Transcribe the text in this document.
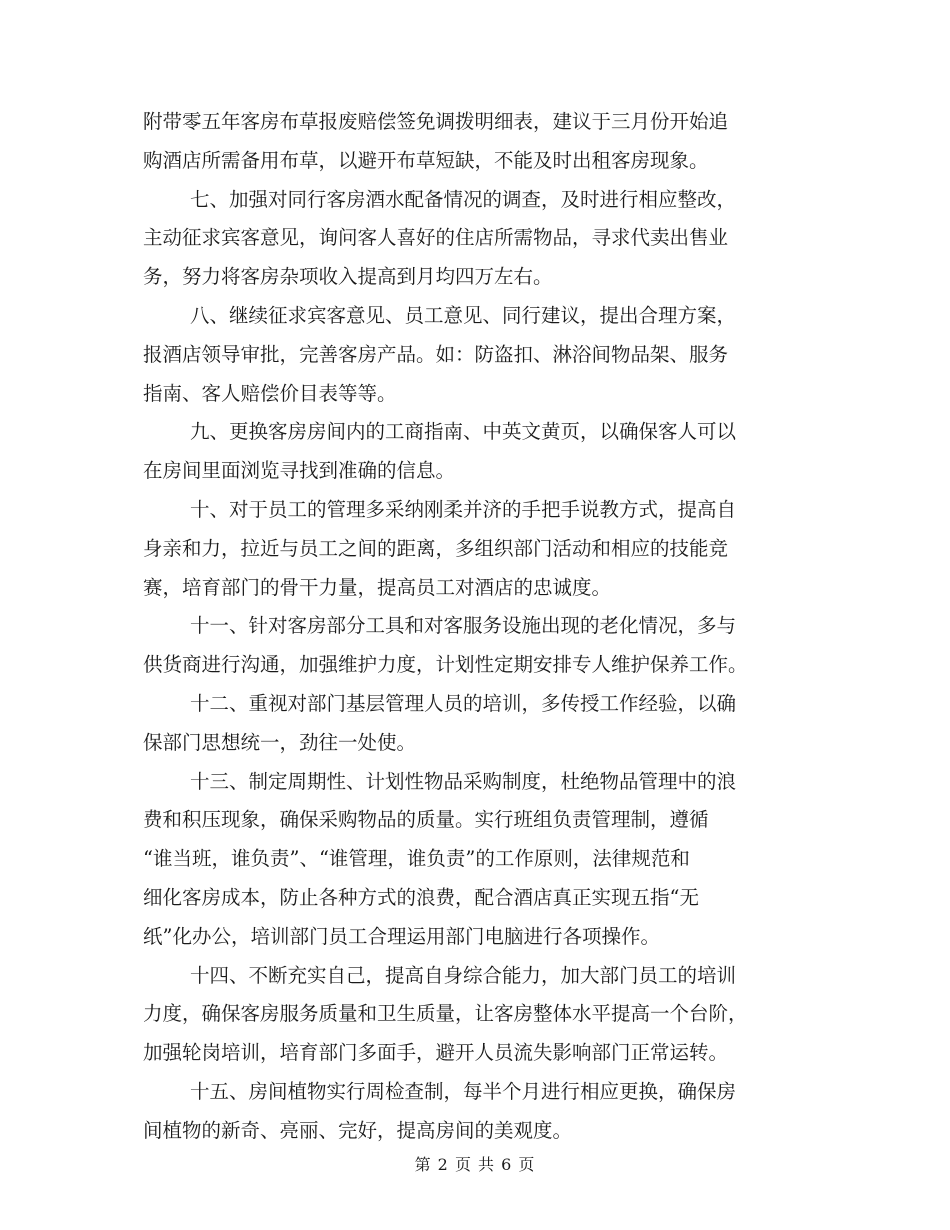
附带零五年客房布草报废赔偿签免调拨明细表，建议于三月份开始追
购酒店所需备用布草，以避开布草短缺，不能及时出租客房现象。
七、加强对同行客房酒水配备情况的调查，及时进行相应整改，
主动征求宾客意见，询问客人喜好的住店所需物品，寻求代卖出售业
务，努力将客房杂项收入提高到月均四万左右。
八、继续征求宾客意见、员工意见、同行建议，提出合理方案，
报酒店领导审批，完善客房产品。如：防盗扣、淋浴间物品架、服务
指南、客人赔偿价目表等等。
九、更换客房房间内的工商指南、中英文黄页，以确保客人可以
在房间里面浏览寻找到准确的信息。
十、对于员工的管理多采纳刚柔并济的手把手说教方式，提高自
身亲和力，拉近与员工之间的距离，多组织部门活动和相应的技能竞
赛，培育部门的骨干力量，提高员工对酒店的忠诚度。
十一、针对客房部分工具和对客服务设施出现的老化情况，多与
供货商进行沟通，加强维护力度，计划性定期安排专人维护保养工作。
十二、重视对部门基层管理人员的培训，多传授工作经验，以确
保部门思想统一，劲往一处使。
十三、制定周期性、计划性物品采购制度，杜绝物品管理中的浪
费和积压现象，确保采购物品的质量。实行班组负责管理制，遵循
“谁当班，谁负责”、“谁管理，谁负责”的工作原则，法律规范和
细化客房成本，防止各种方式的浪费，配合酒店真正实现五指“无
纸”化办公，培训部门员工合理运用部门电脑进行各项操作。
十四、不断充实自己，提高自身综合能力，加大部门员工的培训
力度，确保客房服务质量和卫生质量，让客房整体水平提高一个台阶，
加强轮岗培训，培育部门多面手，避开人员流失影响部门正常运转。
十五、房间植物实行周检查制，每半个月进行相应更换，确保房
间植物的新奇、亮丽、完好，提高房间的美观度。
第 2 页 共 6 页
